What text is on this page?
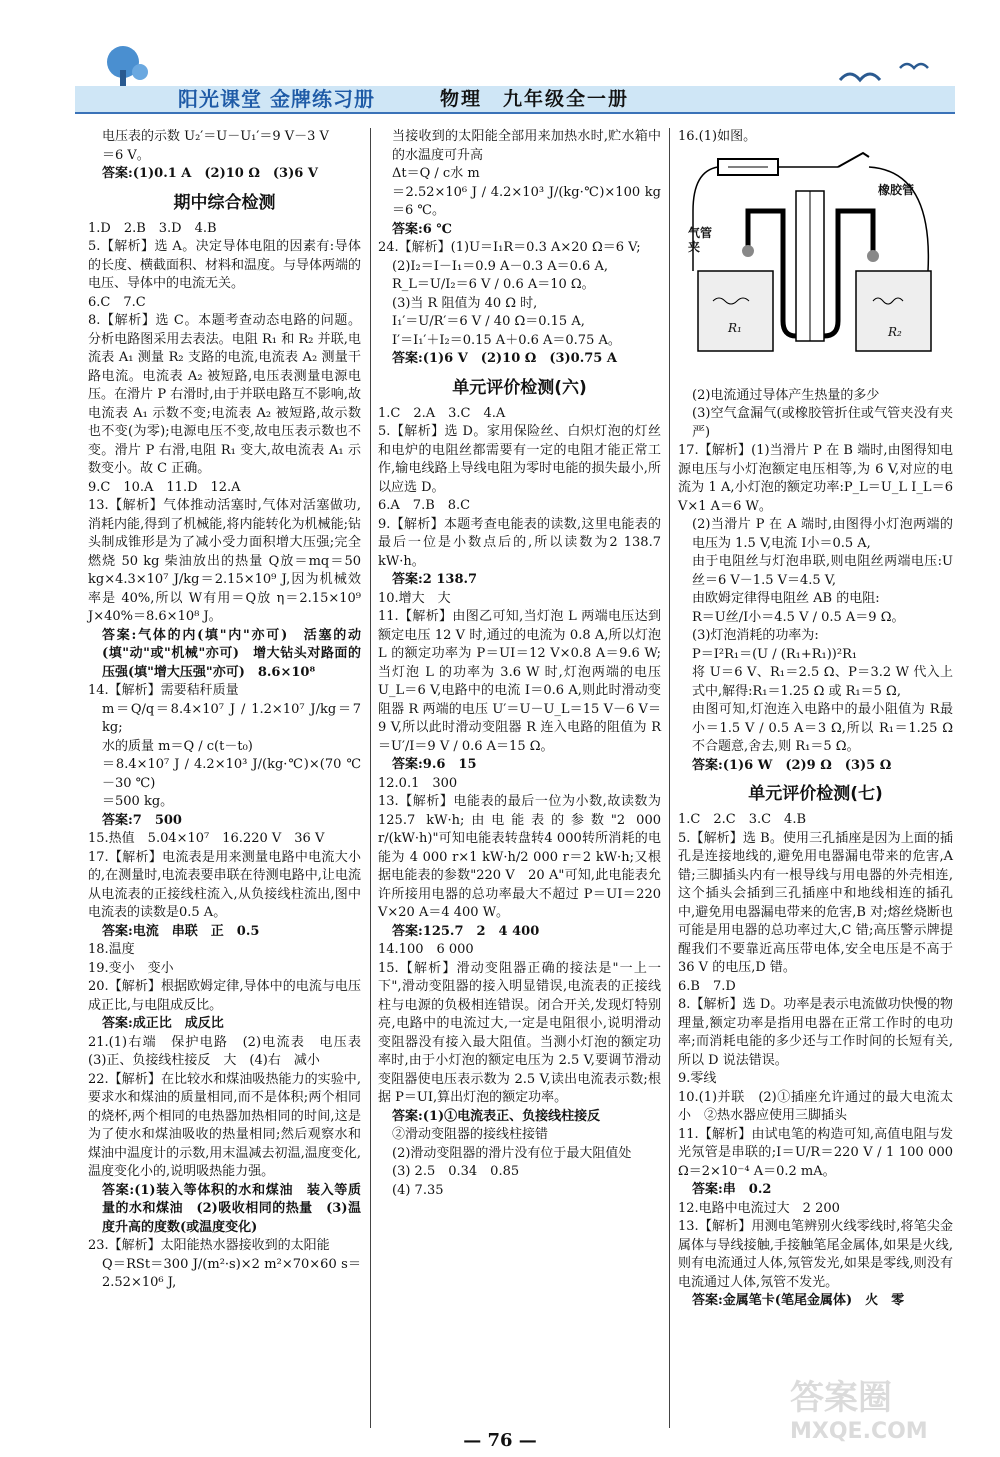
阳光课堂 金牌练习册	物理　九年级全一册
电压表的示数 U₂′＝U－U₁′＝9 V－3 V
＝6 V。
答案:(1)0.1 A　(2)10 Ω　(3)6 V
期中综合检测
1.D　2.B　3.D　4.B
5.【解析】选 A。决定导体电阻的因素有:导体的长度、横截面积、材料和温度。与导体两端的电压、导体中的电流无关。
6.C　7.C
8.【解析】选 C。本题考查动态电路的问题。分析电路图采用去表法。电阻 R₁ 和 R₂ 并联,电流表 A₁ 测量 R₂ 支路的电流,电流表 A₂ 测量干路电流。电流表 A₂ 被短路,电压表测量电源电压。在滑片 P 右滑时,由于并联电路互不影响,故电流表 A₁ 示数不变;电流表 A₂ 被短路,故示数也不变(为零);电源电压不变,故电压表示数也不变。滑片 P 右滑,电阻 R₁ 变大,故电流表 A₁ 示数变小。故 C 正确。
9.C　10.A　11.D　12.A
13.【解析】气体推动活塞时,气体对活塞做功,消耗内能,得到了机械能,将内能转化为机械能;钻头制成锥形是为了减小受力面积增大压强;完全燃烧 50 kg 柴油放出的热量 Q放＝mq＝50 kg×4.3×10⁷ J/kg＝2.15×10⁹ J,因为机械效率是 40%,所以 W有用＝Q放 η＝2.15×10⁹ J×40%＝8.6×10⁸ J。
答案:气体的内(填"内"亦可)　活塞的动(填"动"或"机械"亦可)　增大钻头对路面的压强(填"增大压强"亦可)　8.6×10⁸
14.【解析】需要秸秆质量
m＝Q/q＝8.4×10⁷ J / 1.2×10⁷ J/kg＝7 kg;
水的质量 m＝Q / c(t－t₀)
＝8.4×10⁷ J / 4.2×10³ J/(kg·℃)×(70 ℃－30 ℃)
＝500 kg。
答案:7　500
15.热值　5.04×10⁷　16.220 V　36 V
17.【解析】电流表是用来测量电路中电流大小的,在测量时,电流表要串联在待测电路中,让电流从电流表的正接线柱流入,从负接线柱流出,图中电流表的读数是0.5 A。
答案:电流　串联　正　0.5
18.温度
19.变小　变小
20.【解析】根据欧姆定律,导体中的电流与电压成正比,与电阻成反比。
答案:成正比　成反比
21.(1)右端　保护电路　(2)电流表　电压表　(3)正、负接线柱接反　大　(4)右　减小
22.【解析】在比较水和煤油吸热能力的实验中,要求水和煤油的质量相同,而不是体积;两个相同的烧杯,两个相同的电热器加热相同的时间,这是为了使水和煤油吸收的热量相同;然后观察水和煤油中温度计的示数,用末温减去初温,温度变化,温度变化小的,说明吸热能力强。
答案:(1)装入等体积的水和煤油　装入等质量的水和煤油　(2)吸收相同的热量　(3)温度升高的度数(或温度变化)
23.【解析】太阳能热水器接收到的太阳能
Q＝RSt＝300 J/(m²·s)×2 m²×70×60 s＝2.52×10⁶ J,
当接收到的太阳能全部用来加热水时,贮水箱中的水温度可升高
Δt＝Q / c水 m
＝2.52×10⁶ J / 4.2×10³ J/(kg·℃)×100 kg＝6 ℃。
答案:6 ℃
24.【解析】(1)U＝I₁R＝0.3 A×20 Ω＝6 V;
(2)I₂＝I－I₁＝0.9 A－0.3 A＝0.6 A,
R_L＝U/I₂＝6 V / 0.6 A＝10 Ω。
(3)当 R 阻值为 40 Ω 时,
I₁′＝U/R′＝6 V / 40 Ω＝0.15 A,
I′＝I₁′＋I₂＝0.15 A＋0.6 A＝0.75 A。
答案:(1)6 V　(2)10 Ω　(3)0.75 A
单元评价检测(六)
1.C　2.A　3.C　4.A
5.【解析】选 D。家用保险丝、白炽灯泡的灯丝和电炉的电阻丝都需要有一定的电阻才能正常工作,输电线路上导线电阻为零时电能的损失最小,所以应选 D。
6.A　7.B　8.C
9.【解析】本题考查电能表的读数,这里电能表的最后一位是小数点后的,所以读数为2 138.7 kW·h。
答案:2 138.7
10.增大　大
11.【解析】由图乙可知,当灯泡 L 两端电压达到额定电压 12 V 时,通过的电流为 0.8 A,所以灯泡 L 的额定功率为 P＝UI＝12 V×0.8 A＝9.6 W;当灯泡 L 的功率为 3.6 W 时,灯泡两端的电压 U_L＝6 V,电路中的电流 I＝0.6 A,则此时滑动变阻器 R 两端的电压 U′＝U－U_L＝15 V－6 V＝9 V,所以此时滑动变阻器 R 连入电路的阻值为 R＝U′/I＝9 V / 0.6 A＝15 Ω。
答案:9.6　15
12.0.1　300
13.【解析】电能表的最后一位为小数,故读数为 125.7 kW·h;由电能表的参数"2 000 r/(kW·h)"可知电能表转盘转4 000转所消耗的电能为 4 000 r×1 kW·h/2 000 r＝2 kW·h;又根据电能表的参数"220 V　20 A"可知,此电能表允许所接用电器的总功率最大不超过 P＝UI＝220 V×20 A＝4 400 W。
答案:125.7　2　4 400
14.100　6 000
15.【解析】滑动变阻器正确的接法是"一上一下",滑动变阻器的接入明显错误,电流表的正接线柱与电源的负极相连错误。闭合开关,发现灯特别亮,电路中的电流过大,一定是电阻很小,说明滑动变阻器没有接入最大阻值。当测小灯泡的额定功率时,由于小灯泡的额定电压为 2.5 V,要调节滑动变阻器使电压表示数为 2.5 V,读出电流表示数;根据 P＝UI,算出灯泡的额定功率。
答案:(1)①电流表正、负接线柱接反
②滑动变阻器的接线柱接错
(2)滑动变阻器的滑片没有位于最大阻值处
(3) 2.5　0.34　0.85
(4) 7.35
16.(1)如图。
气管夹
橡胶管
R₁	R₂
(2)电流通过导体产生热量的多少
(3)空气盒漏气(或橡胶管折住或气管夹没有夹严)
17.【解析】(1)当滑片 P 在 B 端时,由图得知电源电压与小灯泡额定电压相等,为 6 V,对应的电流为 1 A,小灯泡的额定功率:P_L＝U_L I_L＝6 V×1 A＝6 W。
(2)当滑片 P 在 A 端时,由图得小灯泡两端的电压为 1.5 V,电流 I小＝0.5 A,
由于电阻丝与灯泡串联,则电阻丝两端电压:U丝＝6 V－1.5 V＝4.5 V,
由欧姆定律得电阻丝 AB 的电阻:
R＝U丝/I小＝4.5 V / 0.5 A＝9 Ω。
(3)灯泡消耗的功率为:
P＝I²R₁＝(U / (R₁+R₁))²R₁
将 U＝6 V、R₁＝2.5 Ω、P＝3.2 W 代入上式中,解得:R₁＝1.25 Ω 或 R₁＝5 Ω,
由图可知,灯泡连入电路中的最小阻值为 R最小＝1.5 V / 0.5 A＝3 Ω,所以 R₁＝1.25 Ω 不合题意,舍去,则 R₁＝5 Ω。
答案:(1)6 W　(2)9 Ω　(3)5 Ω
单元评价检测(七)
1.C　2.C　3.C　4.B
5.【解析】选 B。使用三孔插座是因为上面的插孔是连接地线的,避免用电器漏电带来的危害,A 错;三脚插头内有一根导线与用电器的外壳相连,这个插头会插到三孔插座中和地线相连的插孔中,避免用电器漏电带来的危害,B 对;熔丝烧断也可能是用电器的总功率过大,C 错;高压警示牌提醒我们不要靠近高压带电体,安全电压是不高于 36 V 的电压,D 错。
6.B　7.D
8.【解析】选 D。功率是表示电流做功快慢的物理量,额定功率是指用电器在正常工作时的电功率;而消耗电能的多少还与工作时间的长短有关,所以 D 说法错误。
9.零线
10.(1)并联　(2)①插座允许通过的最大电流太小　②热水器应使用三脚插头
11.【解析】由试电笔的构造可知,高值电阻与发光氖管是串联的;I＝U/R＝220 V / 1 100 000 Ω＝2×10⁻⁴ A＝0.2 mA。
答案:串　0.2
12.电路中电流过大　2 200
13.【解析】用测电笔辨别火线零线时,将笔尖金属体与导线接触,手接触笔尾金属体,如果是火线,则有电流通过人体,氖管发光,如果是零线,则没有电流通过人体,氖管不发光。
答案:金属笔卡(笔尾金属体)　火　零
— 76 —
答案圈
MXQE.COM
